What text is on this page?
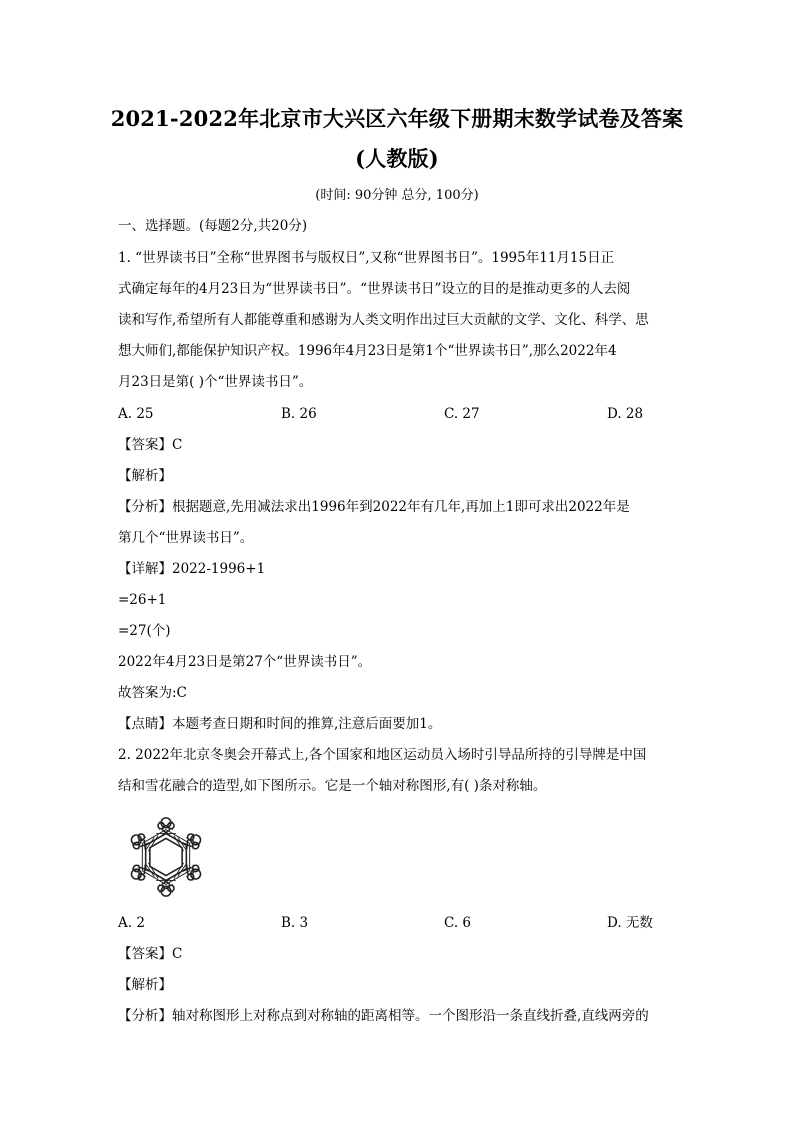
2021-2022年北京市大兴区六年级下册期末数学试卷及答案
(人教版)
(时间: 90分钟 总分, 100分)
一、选择题。(每题2分,共20分)
1. “世界读书日”全称“世界图书与版权日”,又称“世界图书日”。1995年11月15日正
式确定每年的4月23日为“世界读书日”。“世界读书日”设立的目的是推动更多的人去阅
读和写作,希望所有人都能尊重和感谢为人类文明作出过巨大贡献的文学、文化、科学、思
想大师们,都能保护知识产权。1996年4月23日是第1个“世界读书日”,那么2022年4
月23日是第( )个“世界读书日”。
A. 25	B. 26	C. 27	D. 28
【答案】C
【解析】
【分析】根据题意,先用减法求出1996年到2022年有几年,再加上1即可求出2022年是
第几个“世界读书日”。
【详解】2022-1996+1
=26+1
=27(个)
2022年4月23日是第27个“世界读书日”。
故答案为:C
【点睛】本题考查日期和时间的推算,注意后面要加1。
2. 2022年北京冬奥会开幕式上,各个国家和地区运动员入场时引导品所持的引导牌是中国
结和雪花融合的造型,如下图所示。它是一个轴对称图形,有( )条对称轴。
A. 2	B. 3	C. 6	D. 无数
【答案】C
【解析】
【分析】轴对称图形上对称点到对称轴的距离相等。一个图形沿一条直线折叠,直线两旁的
